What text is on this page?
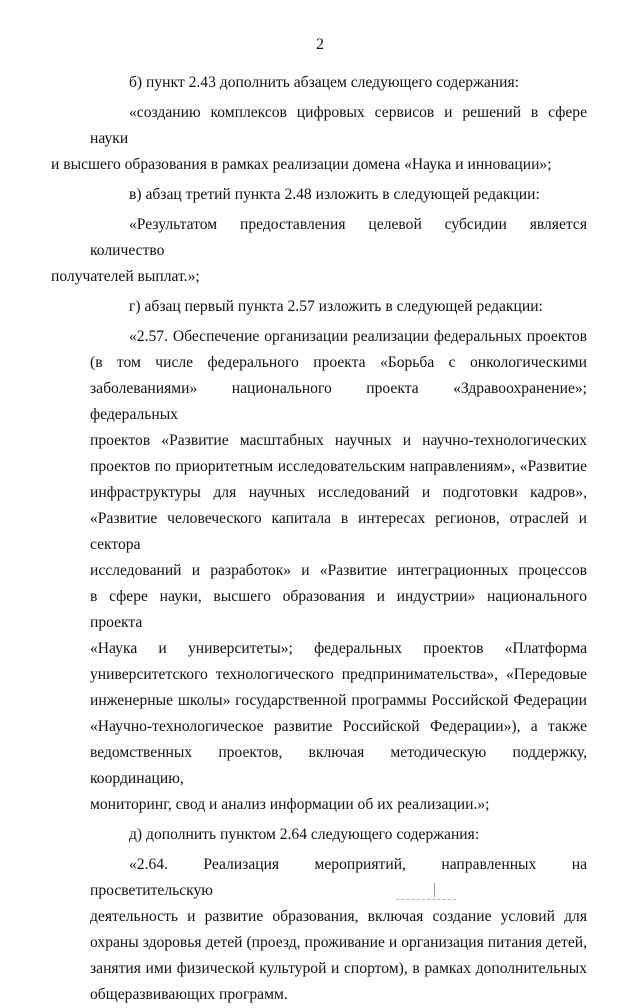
2

б) пункт 2.43 дополнить абзацем следующего содержания:

«созданию комплексов цифровых сервисов и решений в сфере науки
и высшего образования в рамках реализации домена «Наука и инновации»;

в) абзац третий пункта 2.48 изложить в следующей редакции:

«Результатом предоставления целевой субсидии является количество
получателей выплат.»;

г) абзац первый пункта 2.57 изложить в следующей редакции:

«2.57. Обеспечение организации реализации федеральных проектов
(в том числе федерального проекта «Борьба с онкологическими
заболеваниями» национального проекта «Здравоохранение»; федеральных
проектов «Развитие масштабных научных и научно-технологических
проектов по приоритетным исследовательским направлениям», «Развитие
инфраструктуры для научных исследований и подготовки кадров»,
«Развитие человеческого капитала в интересах регионов, отраслей и сектора
исследований и разработок» и «Развитие интеграционных процессов
в сфере науки, высшего образования и индустрии» национального проекта
«Наука и университеты»; федеральных проектов «Платформа
университетского технологического предпринимательства», «Передовые
инженерные школы» государственной программы Российской Федерации
«Научно-технологическое развитие Российской Федерации»), а также
ведомственных проектов, включая методическую поддержку, координацию,
мониторинг, свод и анализ информации об их реализации.»;

д) дополнить пунктом 2.64 следующего содержания:

«2.64. Реализация мероприятий, направленных на просветительскую
деятельность и развитие образования, включая создание условий для
охраны здоровья детей (проезд, проживание и организация питания детей,
занятия ими физической культурой и спортом), в рамках дополнительных
общеразвивающих программ.
